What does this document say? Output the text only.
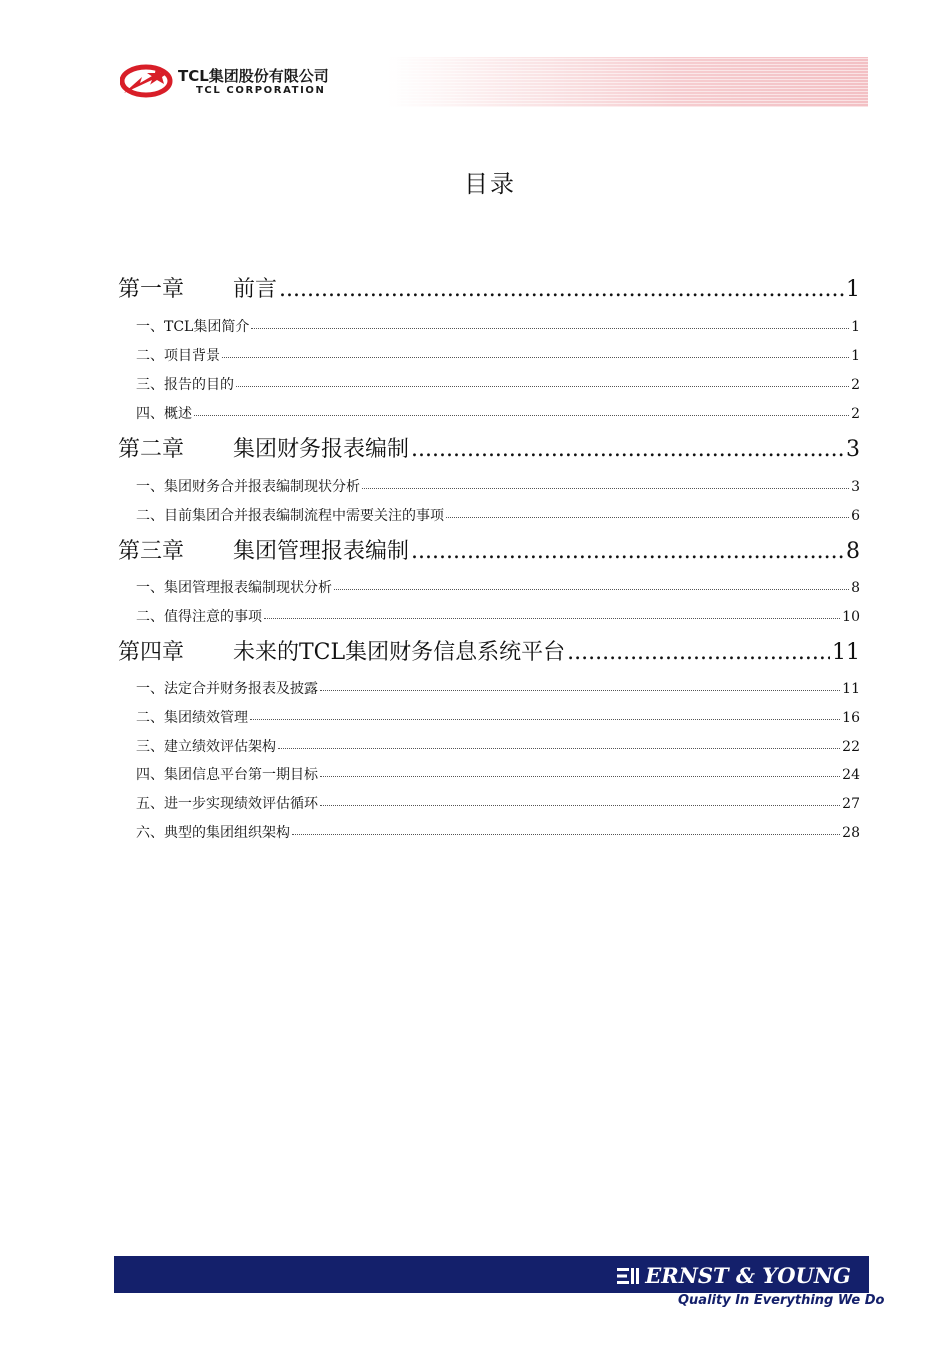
TCL集团股份有限公司
TCL CORPORATION
目录
第一章 前言 .....	1
一、TCL集团简介	1
二、项目背景	1
三、报告的目的	2
四、概述	2
第二章 集团财务报表编制 .....	3
一、集团财务合并报表编制现状分析	3
二、目前集团合并报表编制流程中需要关注的事项	6
第三章 集团管理报表编制 .....	8
一、集团管理报表编制现状分析	8
二、值得注意的事项	10
第四章 未来的TCL集团财务信息系统平台 .....	11
一、法定合并财务报表及披露	11
二、集团绩效管理	16
三、建立绩效评估架构	22
四、集团信息平台第一期目标	24
五、进一步实现绩效评估循环	27
六、典型的集团组织架构	28
ERNST & YOUNG
Quality In Everything We Do
